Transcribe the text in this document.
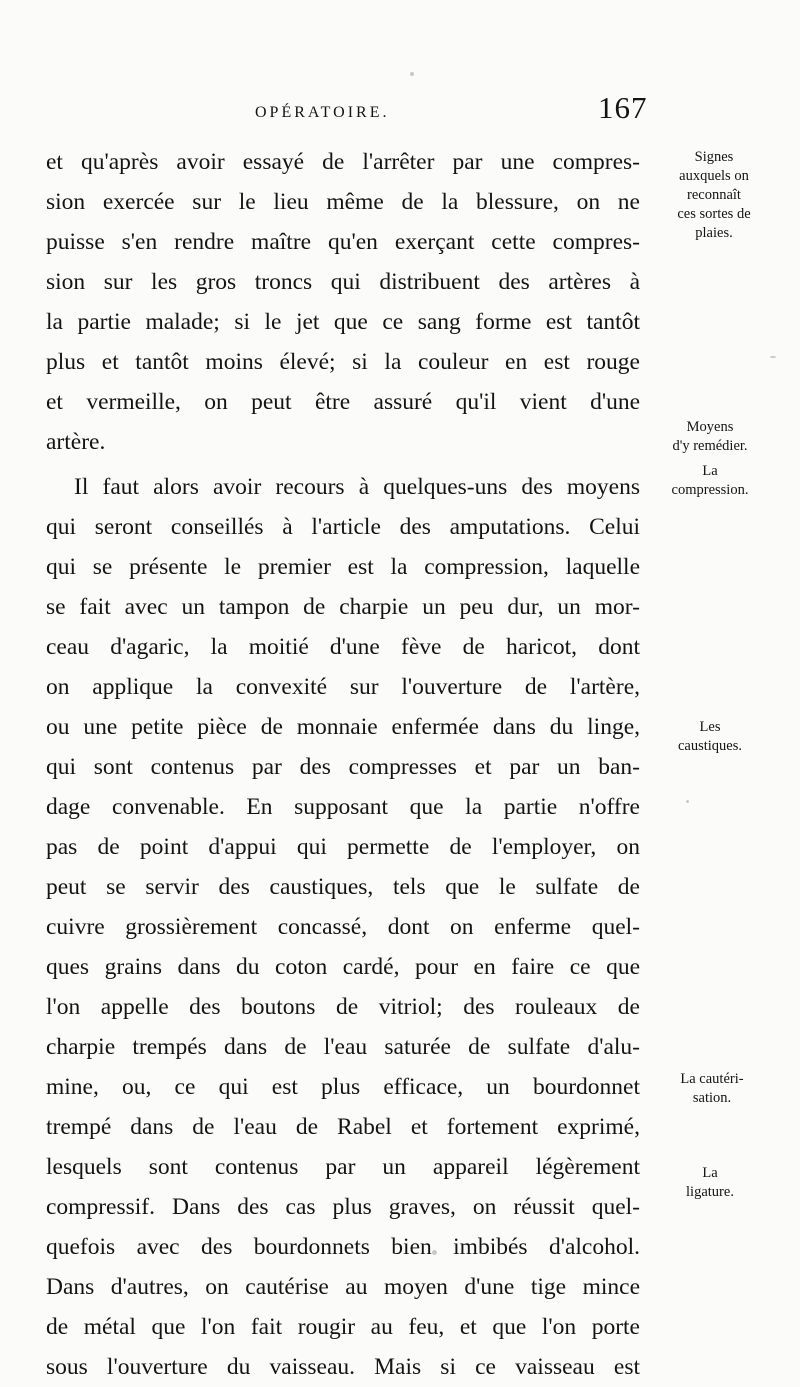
OPÉRATOIRE.	167
et qu'après avoir essayé de l'arrêter par une compres-
sion exercée sur le lieu même de la blessure, on ne
puisse s'en rendre maître qu'en exerçant cette compres-
sion sur les gros troncs qui distribuent des artères à
la partie malade; si le jet que ce sang forme est tantôt
plus et tantôt moins élevé; si la couleur en est rouge
et vermeille, on peut être assuré qu'il vient d'une
artère.
Il faut alors avoir recours à quelques-uns des moyens
qui seront conseillés à l'article des amputations. Celui
qui se présente le premier est la compression, laquelle
se fait avec un tampon de charpie un peu dur, un mor-
ceau d'agaric, la moitié d'une fève de haricot, dont
on applique la convexité sur l'ouverture de l'artère,
ou une petite pièce de monnaie enfermée dans du linge,
qui sont contenus par des compresses et par un ban-
dage convenable. En supposant que la partie n'offre
pas de point d'appui qui permette de l'employer, on
peut se servir des caustiques, tels que le sulfate de
cuivre grossièrement concassé, dont on enferme quel-
ques grains dans du coton cardé, pour en faire ce que
l'on appelle des boutons de vitriol; des rouleaux de
charpie trempés dans de l'eau saturée de sulfate d'alu-
mine, ou, ce qui est plus efficace, un bourdonnet
trempé dans de l'eau de Rabel et fortement exprimé,
lesquels sont contenus par un appareil légèrement
compressif. Dans des cas plus graves, on réussit quel-
quefois avec des bourdonnets bien imbibés d'alcohol.
Dans d'autres, on cautérise au moyen d'une tige mince
de métal que l'on fait rougir au feu, et que l'on porte
sous l'ouverture du vaisseau. Mais si ce vaisseau est
Signes
auxquels on
reconnaît
ces sortes de
plaies.
Moyens
d'y remédier.
La
compression.
Les
caustiques.
La cautéri-
sation.
La
ligature.
